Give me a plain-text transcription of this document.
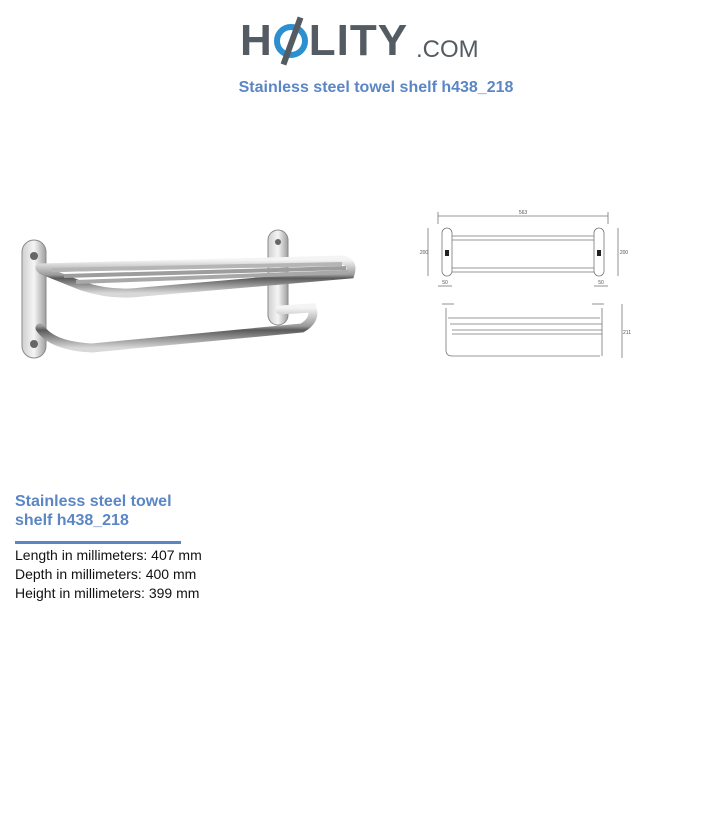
H LITY .COM
Stainless steel towel shelf h438_218
563
200	200
50	50
211
Stainless steel towel shelf h438_218
Length in millimeters: 407 mm
Depth in millimeters: 400 mm
Height in millimeters: 399 mm
